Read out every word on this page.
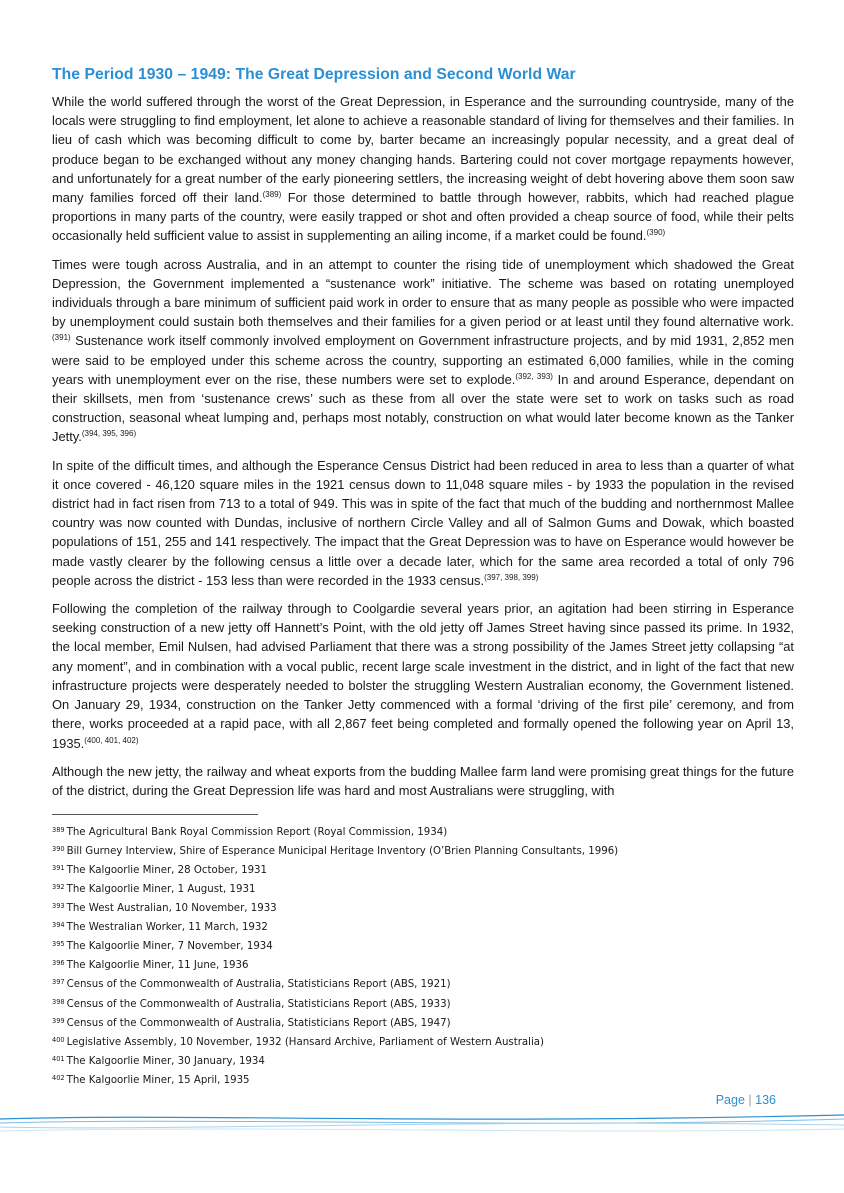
The Period 1930 – 1949: The Great Depression and Second World War

While the world suffered through the worst of the Great Depression, in Esperance and the surrounding countryside, many of the locals were struggling to find employment, let alone to achieve a reasonable standard of living for themselves and their families. In lieu of cash which was becoming difficult to come by, barter became an increasingly popular necessity, and a great deal of produce began to be exchanged without any money changing hands. Bartering could not cover mortgage repayments however, and unfortunately for a great number of the early pioneering settlers, the increasing weight of debt hovering above them soon saw many families forced off their land.$^{(389)}$ For those determined to battle through however, rabbits, which had reached plague proportions in many parts of the country, were easily trapped or shot and often provided a cheap source of food, while their pelts occasionally held sufficient value to assist in supplementing an ailing income, if a market could be found.$^{(390)}$

Times were tough across Australia, and in an attempt to counter the rising tide of unemployment which shadowed the Great Depression, the Government implemented a “sustenance work” initiative. The scheme was based on rotating unemployed individuals through a bare minimum of sufficient paid work in order to ensure that as many people as possible who were impacted by unemployment could sustain both themselves and their families for a given period or at least until they found alternative work.$^{(391)}$ Sustenance work itself commonly involved employment on Government infrastructure projects, and by mid 1931, 2,852 men were said to be employed under this scheme across the country, supporting an estimated 6,000 families, while in the coming years with unemployment ever on the rise, these numbers were set to explode.$^{(392, 393)}$ In and around Esperance, dependant on their skillsets, men from ‘sustenance crews’ such as these from all over the state were set to work on tasks such as road construction, seasonal wheat lumping and, perhaps most notably, construction on what would later become known as the Tanker Jetty.$^{(394, 395, 396)}$

In spite of the difficult times, and although the Esperance Census District had been reduced in area to less than a quarter of what it once covered - 46,120 square miles in the 1921 census down to 11,048 square miles - by 1933 the population in the revised district had in fact risen from 713 to a total of 949. This was in spite of the fact that much of the budding and northernmost Mallee country was now counted with Dundas, inclusive of northern Circle Valley and all of Salmon Gums and Dowak, which boasted populations of 151, 255 and 141 respectively. The impact that the Great Depression was to have on Esperance would however be made vastly clearer by the following census a little over a decade later, which for the same area recorded a total of only 796 people across the district - 153 less than were recorded in the 1933 census.$^{(397, 398, 399)}$

Following the completion of the railway through to Coolgardie several years prior, an agitation had been stirring in Esperance seeking construction of a new jetty off Hannett’s Point, with the old jetty off James Street having since passed its prime. In 1932, the local member, Emil Nulsen, had advised Parliament that there was a strong possibility of the James Street jetty collapsing “at any moment”, and in combination with a vocal public, recent large scale investment in the district, and in light of the fact that new infrastructure projects were desperately needed to bolster the struggling Western Australian economy, the Government listened. On January 29, 1934, construction on the Tanker Jetty commenced with a formal ‘driving of the first pile’ ceremony, and from there, works proceeded at a rapid pace, with all 2,867 feet being completed and formally opened the following year on April 13, 1935.$^{(400, 401, 402)}$

Although the new jetty, the railway and wheat exports from the budding Mallee farm land were promising great things for the future of the district, during the Great Depression life was hard and most Australians were struggling, with

$^{389}$ The Agricultural Bank Royal Commission Report (Royal Commission, 1934)
$^{390}$ Bill Gurney Interview, Shire of Esperance Municipal Heritage Inventory (O’Brien Planning Consultants, 1996)
$^{391}$ The Kalgoorlie Miner, 28 October, 1931
$^{392}$ The Kalgoorlie Miner, 1 August, 1931
$^{393}$ The West Australian, 10 November, 1933
$^{394}$ The Westralian Worker, 11 March, 1932
$^{395}$ The Kalgoorlie Miner, 7 November, 1934
$^{396}$ The Kalgoorlie Miner, 11 June, 1936
$^{397}$ Census of the Commonwealth of Australia, Statisticians Report (ABS, 1921)
$^{398}$ Census of the Commonwealth of Australia, Statisticians Report (ABS, 1933)
$^{399}$ Census of the Commonwealth of Australia, Statisticians Report (ABS, 1947)
$^{400}$ Legislative Assembly, 10 November, 1932 (Hansard Archive, Parliament of Western Australia)
$^{401}$ The Kalgoorlie Miner, 30 January, 1934
$^{402}$ The Kalgoorlie Miner, 15 April, 1935
Page | 136
